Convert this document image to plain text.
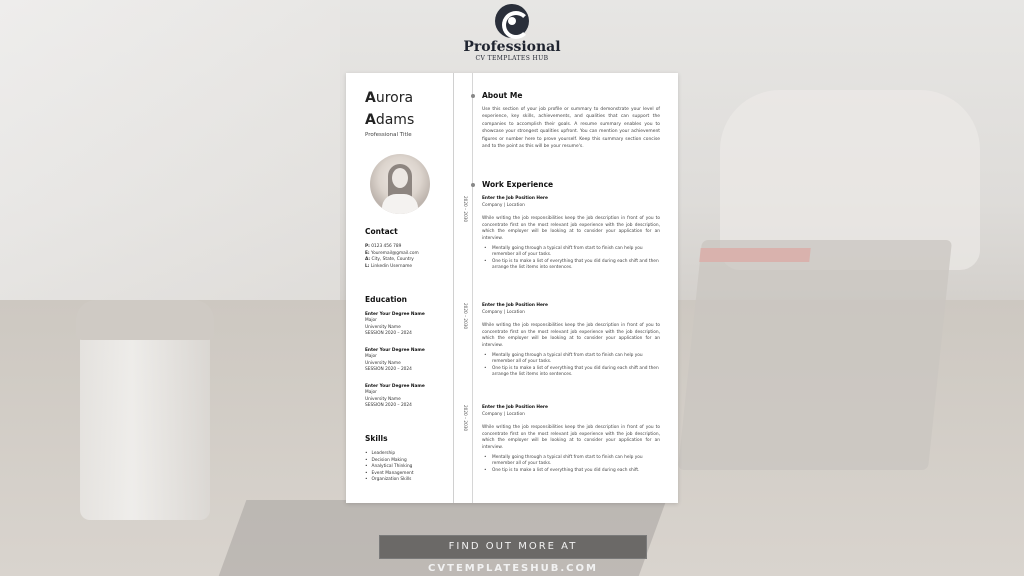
Professional
CV TEMPLATES HUB
Aurora
Adams
Professional Title
Contact
P: 0123 456 789
E: Youremail@gmail.com
A: City, State, Country
L: Linkedin Username
Education
Enter Your Degree Name
Major
University Name
SESSION 2020 – 2024
Enter Your Degree Name
Major
University Name
SESSION 2020 – 2024
Enter Your Degree Name
Major
University Name
SESSION 2020 – 2024
Skills
• Leadership
• Decision Making
• Analytical Thinking
• Event Management
• Organization Skills
2020 – 2030
2020 – 2030
2020 – 2030
About Me
Use this section of your job profile or summary to demonstrate your level of experience, key skills, achievements, and qualities that can support the companies to accomplish their goals. A resume summary enables you to showcase your strongest qualities upfront. You can mention your achievement figures or number here to prove yourself. Keep this summary section concise and to the point as this will be your resume's.
Work Experience
Enter the Job Position Here
Company | Location
While writing the job responsibilities keep the job description in front of you to concentrate first on the most relevant job experience with the job description, which the employer will be looking at to consider your application for an interview.
• Mentally going through a typical shift from start to finish can help you remember all of your tasks.
• One tip is to make a list of everything that you did during each shift and then arrange the list items into sentences.
Enter the Job Position Here
Company | Location
While writing the job responsibilities keep the job description in front of you to concentrate first on the most relevant job experience with the job description, which the employer will be looking at to consider your application for an interview.
• Mentally going through a typical shift from start to finish can help you remember all of your tasks.
• One tip is to make a list of everything that you did during each shift and then arrange the list items into sentences.
Enter the Job Position Here
Company | Location
While writing the job responsibilities keep the job description in front of you to concentrate first on the most relevant job experience with the job description, which the employer will be looking at to consider your application for an interview.
• Mentally going through a typical shift from start to finish can help you remember all of your tasks.
• One tip is to make a list of everything that you did during each shift.
FIND OUT MORE AT CVTEMPLATESHUB.COM
